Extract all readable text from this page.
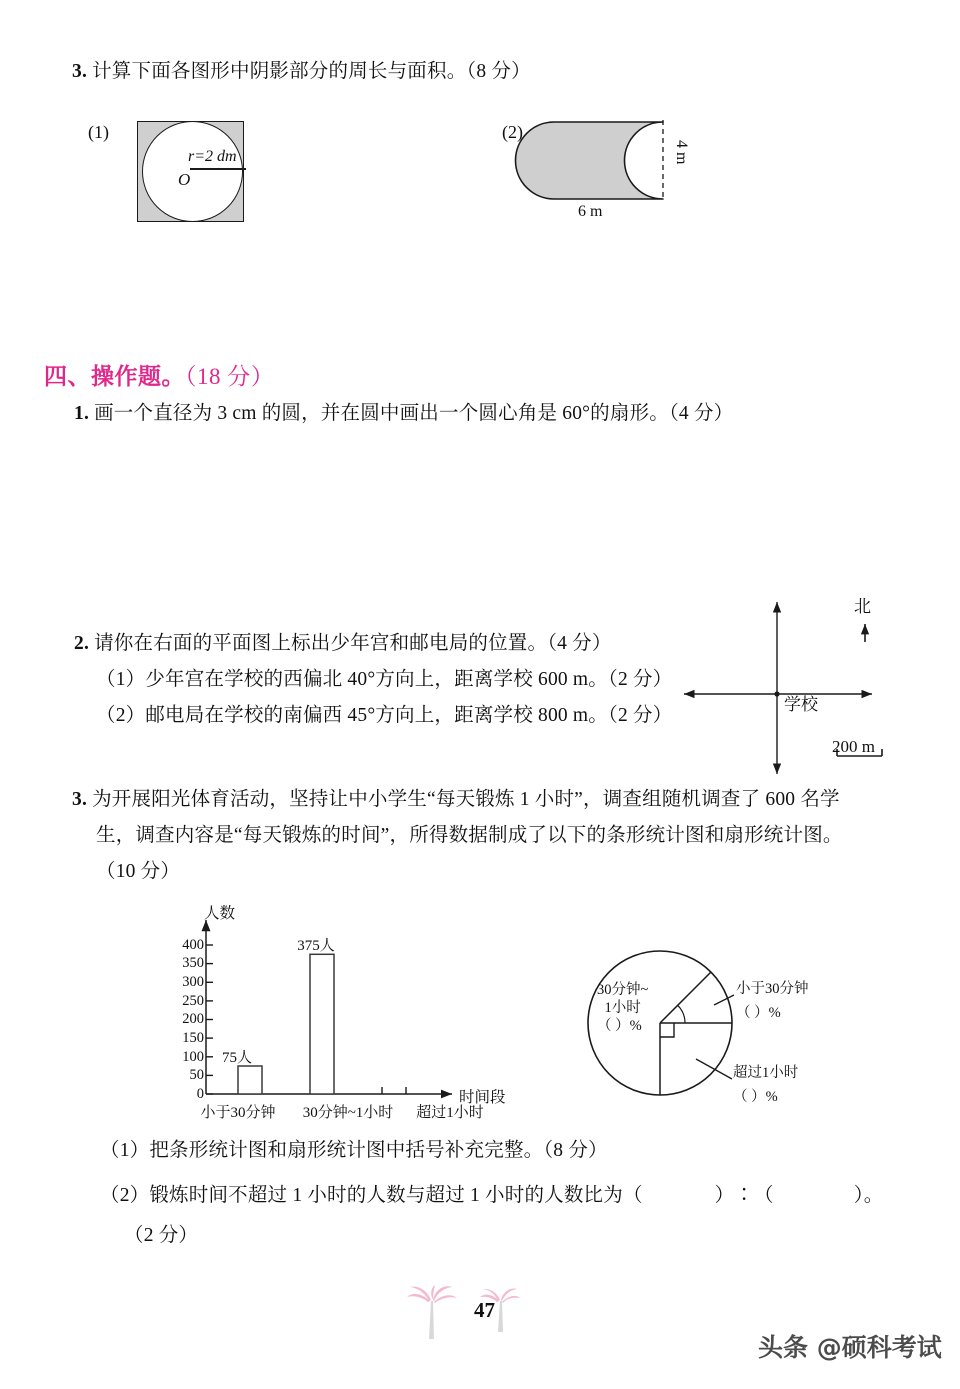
3. 计算下面各图形中阴影部分的周长与面积。（8 分）
(1)
r=2 dm
O
(2)
6 m
4 m
四、操作题。（18 分）
1. 画一个直径为 3 cm 的圆，并在圆中画出一个圆心角是 60°的扇形。（4 分）
2. 请你在右面的平面图上标出少年宫和邮电局的位置。（4 分）
（1）少年宫在学校的西偏北 40°方向上，距离学校 600 m。（2 分）
（2）邮电局在学校的南偏西 45°方向上，距离学校 800 m。（2 分）
北
学校
200 m
3. 为开展阳光体育活动，坚持让中小学生“每天锻炼 1 小时”，调查组随机调查了 600 名学
生，调查内容是“每天锻炼的时间”，所得数据制成了以下的条形统计图和扇形统计图。
（10 分）
人数
时间段
0
50
100
150
200
250
300
350
400
75人
375人
小于30分钟	30分钟~1小时	超过1小时
30分钟~
1小时
（ ）%
小于30分钟
（ ）%
超过1小时
（ ）%
（1）把条形统计图和扇形统计图中括号补充完整。（8 分）
（2）锻炼时间不超过 1 小时的人数与超过 1 小时的人数比为（	）∶（	）。
（2 分）
47
头条 @硕科考试
